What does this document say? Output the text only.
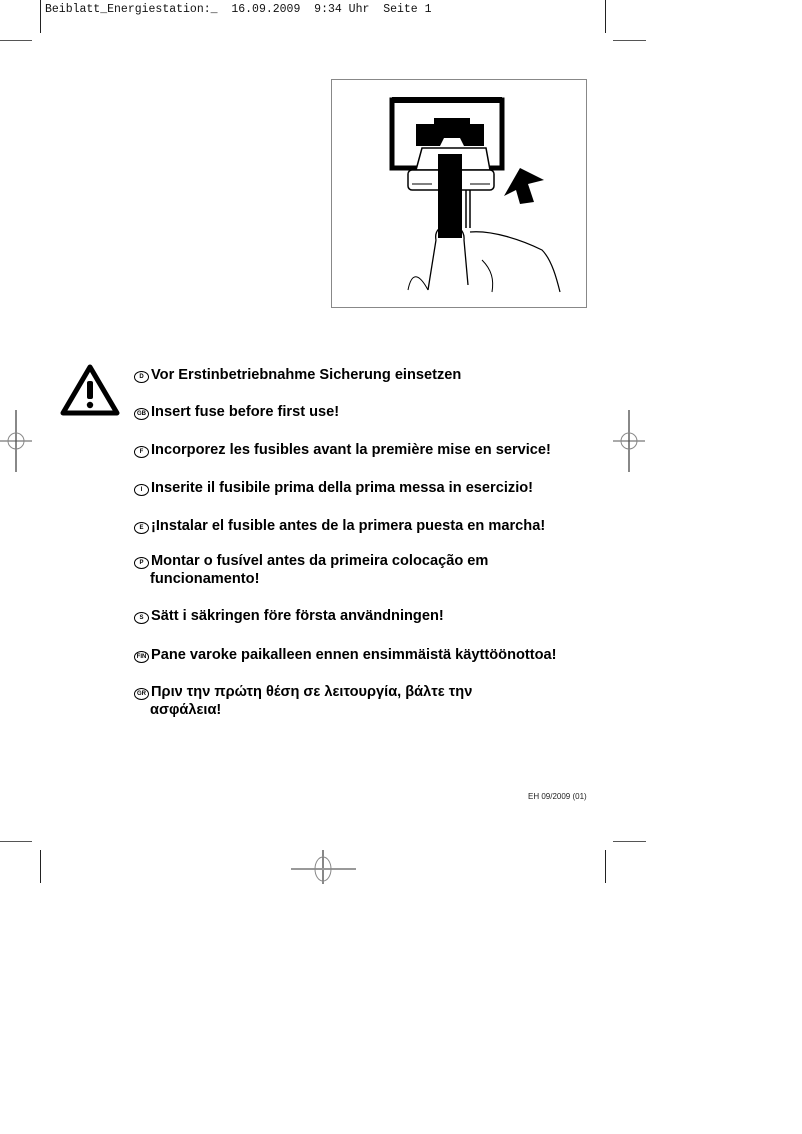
Beiblatt_Energiestation:_ 16.09.2009 9:34 Uhr Seite 1
D Vor Erstinbetriebnahme Sicherung einsetzen
GB Insert fuse before first use!
F Incorporez les fusibles avant la première mise en service!
I Inserite il fusibile prima della prima messa in esercizio!
E ¡Instalar el fusible antes de la primera puesta en marcha!
P Montar o fusível antes da primeira colocação em
funcionamento!
S Sätt i säkringen före första användningen!
FIN Pane varoke paikalleen ennen ensimmäistä käyttöönottoa!
GR Πριν την πρώτη θέση σε λειτουργία, βάλτε την
ασφάλεια!
EH 09/2009 (01)
